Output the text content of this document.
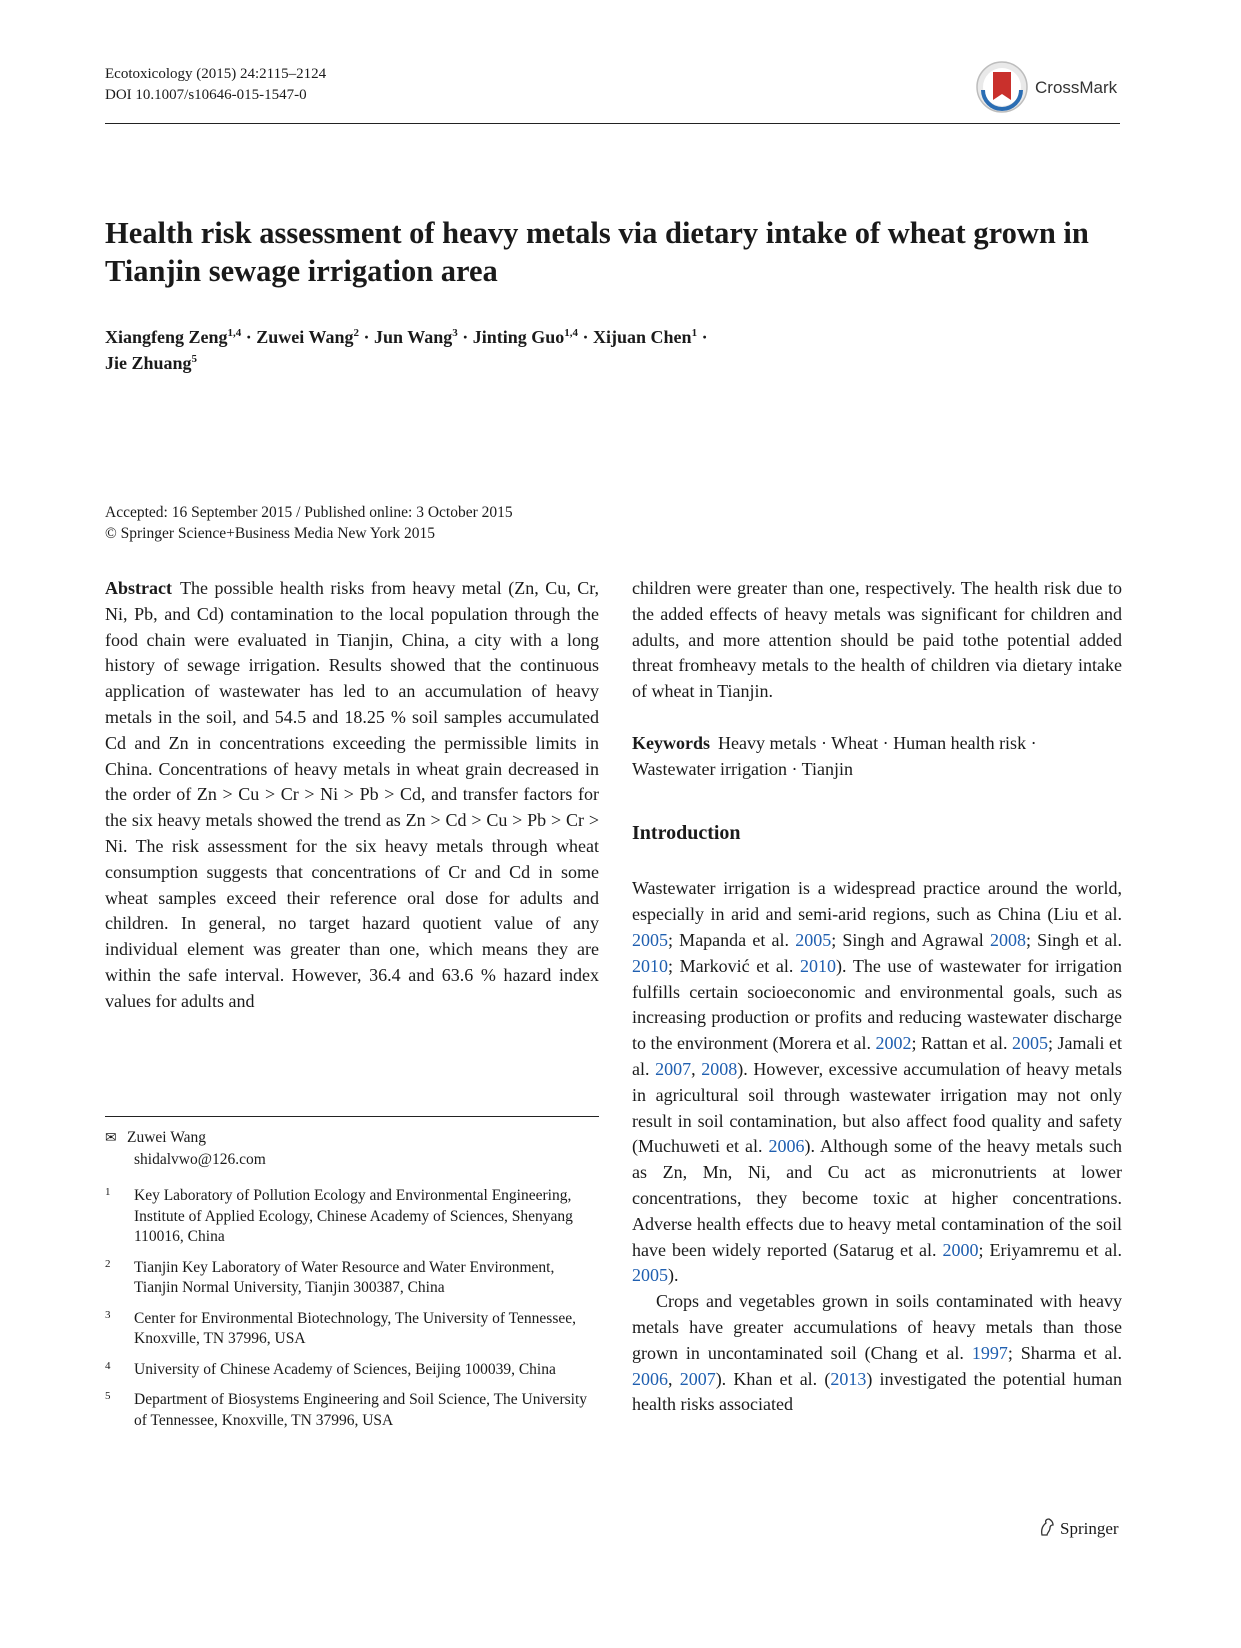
Ecotoxicology (2015) 24:2115–2124
DOI 10.1007/s10646-015-1547-0	CrossMark
Health risk assessment of heavy metals via dietary intake of wheat grown in Tianjin sewage irrigation area
Xiangfeng Zeng$^{1,4}$ · Zuwei Wang$^2$ · Jun Wang$^3$ · Jinting Guo$^{1,4}$ · Xijuan Chen$^1$ ·
Jie Zhuang$^5$
Accepted: 16 September 2015 / Published online: 3 October 2015
© Springer Science+Business Media New York 2015

Abstract The possible health risks from heavy metal (Zn, Cu, Cr, Ni, Pb, and Cd) contamination to the local population through the food chain were evaluated in Tianjin, China, a city with a long history of sewage irrigation. Results showed that the continuous application of wastewater has led to an accumulation of heavy metals in the soil, and 54.5 and 18.25 % soil samples accumulated Cd and Zn in concentrations exceeding the permissible limits in China. Concentrations of heavy metals in wheat grain decreased in the order of Zn > Cu > Cr > Ni > Pb > Cd, and transfer factors for the six heavy metals showed the trend as Zn > Cd > Cu > Pb > Cr > Ni. The risk assessment for the six heavy metals through wheat consumption suggests that concentrations of Cr and Cd in some wheat samples exceed their reference oral dose for adults and children. In general, no target hazard quotient value of any individual element was greater than one, which means they are within the safe interval. However, 36.4 and 63.6 % hazard index values for adults and

children were greater than one, respectively. The health risk due to the added effects of heavy metals was significant for children and adults, and more attention should be paid tothe potential added threat fromheavy metals to the health of children via dietary intake of wheat in Tianjin.

Keywords Heavy metals · Wheat · Human health risk · Wastewater irrigation · Tianjin

Introduction

Wastewater irrigation is a widespread practice around the world, especially in arid and semi-arid regions, such as China (Liu et al. 2005; Mapanda et al. 2005; Singh and Agrawal 2008; Singh et al. 2010; Marković et al. 2010). The use of wastewater for irrigation fulfills certain socioeconomic and environmental goals, such as increasing production or profits and reducing wastewater discharge to the environment (Morera et al. 2002; Rattan et al. 2005; Jamali et al. 2007, 2008). However, excessive accumulation of heavy metals in agricultural soil through wastewater irrigation may not only result in soil contamination, but also affect food quality and safety (Muchuweti et al. 2006). Although some of the heavy metals such as Zn, Mn, Ni, and Cu act as micronutrients at lower concentrations, they become toxic at higher concentrations. Adverse health effects due to heavy metal contamination of the soil have been widely reported (Satarug et al. 2000; Eriyamremu et al. 2005).

Crops and vegetables grown in soils contaminated with heavy metals have greater accumulations of heavy metals than those grown in uncontaminated soil (Chang et al. 1997; Sharma et al. 2006, 2007). Khan et al. (2013) investigated the potential human health risks associated

✉ Zuwei Wang
shidalvwo@126.com
1 Key Laboratory of Pollution Ecology and Environmental Engineering, Institute of Applied Ecology, Chinese Academy of Sciences, Shenyang 110016, China
2 Tianjin Key Laboratory of Water Resource and Water Environment, Tianjin Normal University, Tianjin 300387, China
3 Center for Environmental Biotechnology, The University of Tennessee, Knoxville, TN 37996, USA
4 University of Chinese Academy of Sciences, Beijing 100039, China
5 Department of Biosystems Engineering and Soil Science, The University of Tennessee, Knoxville, TN 37996, USA
Springer
